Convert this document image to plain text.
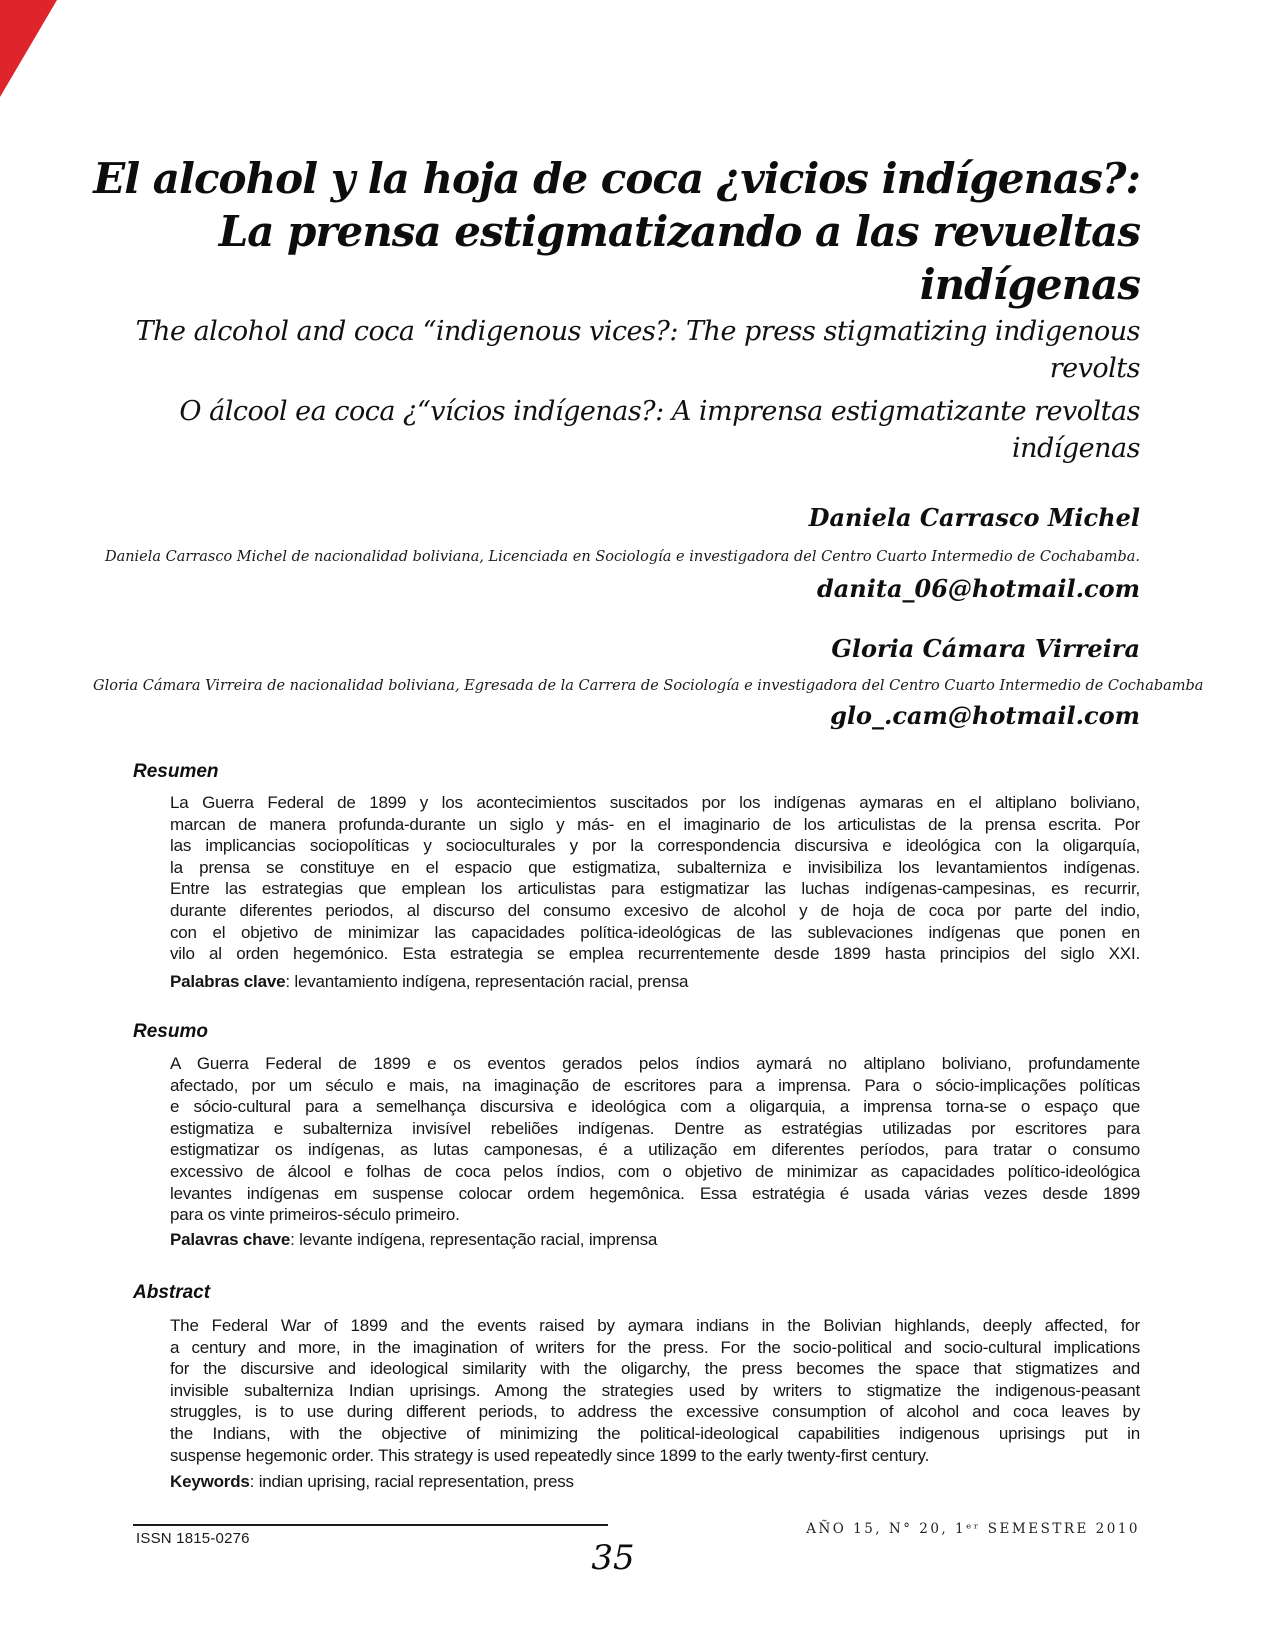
El alcohol y la hoja de coca ¿vicios indígenas?:
La prensa estigmatizando a las revueltas
indígenas
The alcohol and coca “indigenous vices?: The press stigmatizing indigenous
revolts
O álcool ea coca ¿“vícios indígenas?: A imprensa estigmatizante revoltas
indígenas
Daniela Carrasco Michel
Daniela Carrasco Michel de nacionalidad boliviana, Licenciada en Sociología e investigadora del Centro Cuarto Intermedio de Cochabamba.
danita_06@hotmail.com
Gloria Cámara Virreira
Gloria Cámara Virreira de nacionalidad boliviana, Egresada de la Carrera de Sociología e investigadora del Centro Cuarto Intermedio de Cochabamba
glo_.cam@hotmail.com
Resumen
La Guerra Federal de 1899 y los acontecimientos suscitados por los indígenas aymaras en el altiplano boliviano,
marcan de manera profunda-durante un siglo y más- en el imaginario de los articulistas de la prensa escrita. Por
las implicancias sociopolíticas y socioculturales y por la correspondencia discursiva e ideológica con la oligarquía,
la prensa se constituye en el espacio que estigmatiza, subalterniza e invisibiliza los levantamientos indígenas.
Entre las estrategias que emplean los articulistas para estigmatizar las luchas indígenas-campesinas, es recurrir,
durante diferentes periodos, al discurso del consumo excesivo de alcohol y de hoja de coca por parte del indio,
con el objetivo de minimizar las capacidades política-ideológicas de las sublevaciones indígenas que ponen en
vilo al orden hegemónico. Esta estrategia se emplea recurrentemente desde 1899 hasta principios del siglo XXI.
Palabras clave: levantamiento indígena, representación racial, prensa
Resumo
A Guerra Federal de 1899 e os eventos gerados pelos índios aymará no altiplano boliviano, profundamente
afectado, por um século e mais, na imaginação de escritores para a imprensa. Para o sócio-implicações políticas
e sócio-cultural para a semelhança discursiva e ideológica com a oligarquia, a imprensa torna-se o espaço que
estigmatiza e subalterniza invisível rebeliões indígenas. Dentre as estratégias utilizadas por escritores para
estigmatizar os indígenas, as lutas camponesas, é a utilização em diferentes períodos, para tratar o consumo
excessivo de álcool e folhas de coca pelos índios, com o objetivo de minimizar as capacidades político-ideológica
levantes indígenas em suspense colocar ordem hegemônica. Essa estratégia é usada várias vezes desde 1899
para os vinte primeiros-século primeiro.
Palavras chave: levante indígena, representação racial, imprensa
Abstract
The Federal War of 1899 and the events raised by aymara indians in the Bolivian highlands, deeply affected, for
a century and more, in the imagination of writers for the press. For the socio-political and socio-cultural implications
for the discursive and ideological similarity with the oligarchy, the press becomes the space that stigmatizes and
invisible subalterniza Indian uprisings. Among the strategies used by writers to stigmatize the indigenous-peasant
struggles, is to use during different periods, to address the excessive consumption of alcohol and coca leaves by
the Indians, with the objective of minimizing the political-ideological capabilities indigenous uprisings put in
suspense hegemonic order. This strategy is used repeatedly since 1899 to the early twenty-first century.
Keywords: indian uprising, racial representation, press
ISSN 1815-0276
AÑO 15, N° 20, 1ᵉʳ SEMESTRE 2010
35
